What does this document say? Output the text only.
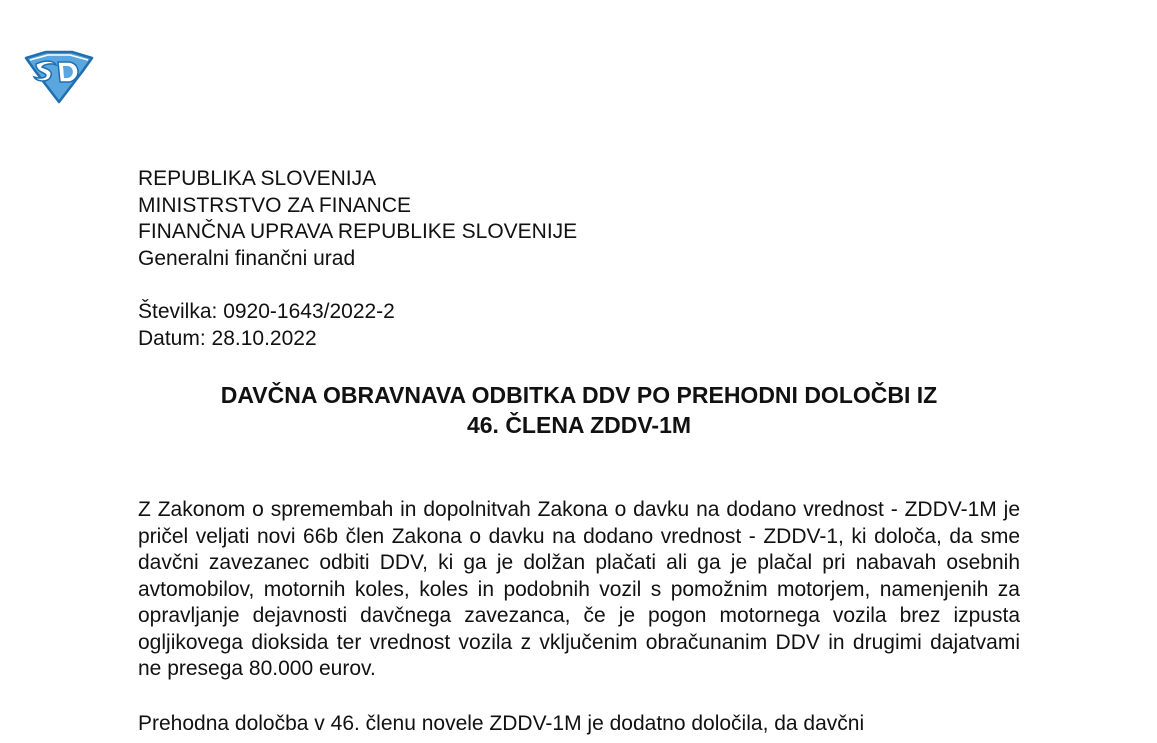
REPUBLIKA SLOVENIJA
MINISTRSTVO ZA FINANCE
FINANČNA UPRAVA REPUBLIKE SLOVENIJE
Generalni finančni urad
Številka: 0920-1643/2022-2
Datum: 28.10.2022
DAVČNA OBRAVNAVA ODBITKA DDV PO PREHODNI DOLOČBI IZ
46. ČLENA ZDDV-1M

Z Zakonom o spremembah in dopolnitvah Zakona o davku na dodano vrednost - ZDDV-1M je pričel veljati novi 66b člen Zakona o davku na dodano vrednost - ZDDV-1, ki določa, da sme davčni zavezanec odbiti DDV, ki ga je dolžan plačati ali ga je plačal pri nabavah osebnih avtomobilov, motornih koles, koles in podobnih vozil s pomožnim motorjem, namenjenih za opravljanje dejavnosti davčnega zavezanca, če je pogon motornega vozila brez izpusta ogljikovega dioksida ter vrednost vozila z vključenim obračunanim DDV in drugimi dajatvami ne presega 80.000 eurov.

Prehodna določba v 46. členu novele ZDDV-1M je dodatno določila, da davčni
